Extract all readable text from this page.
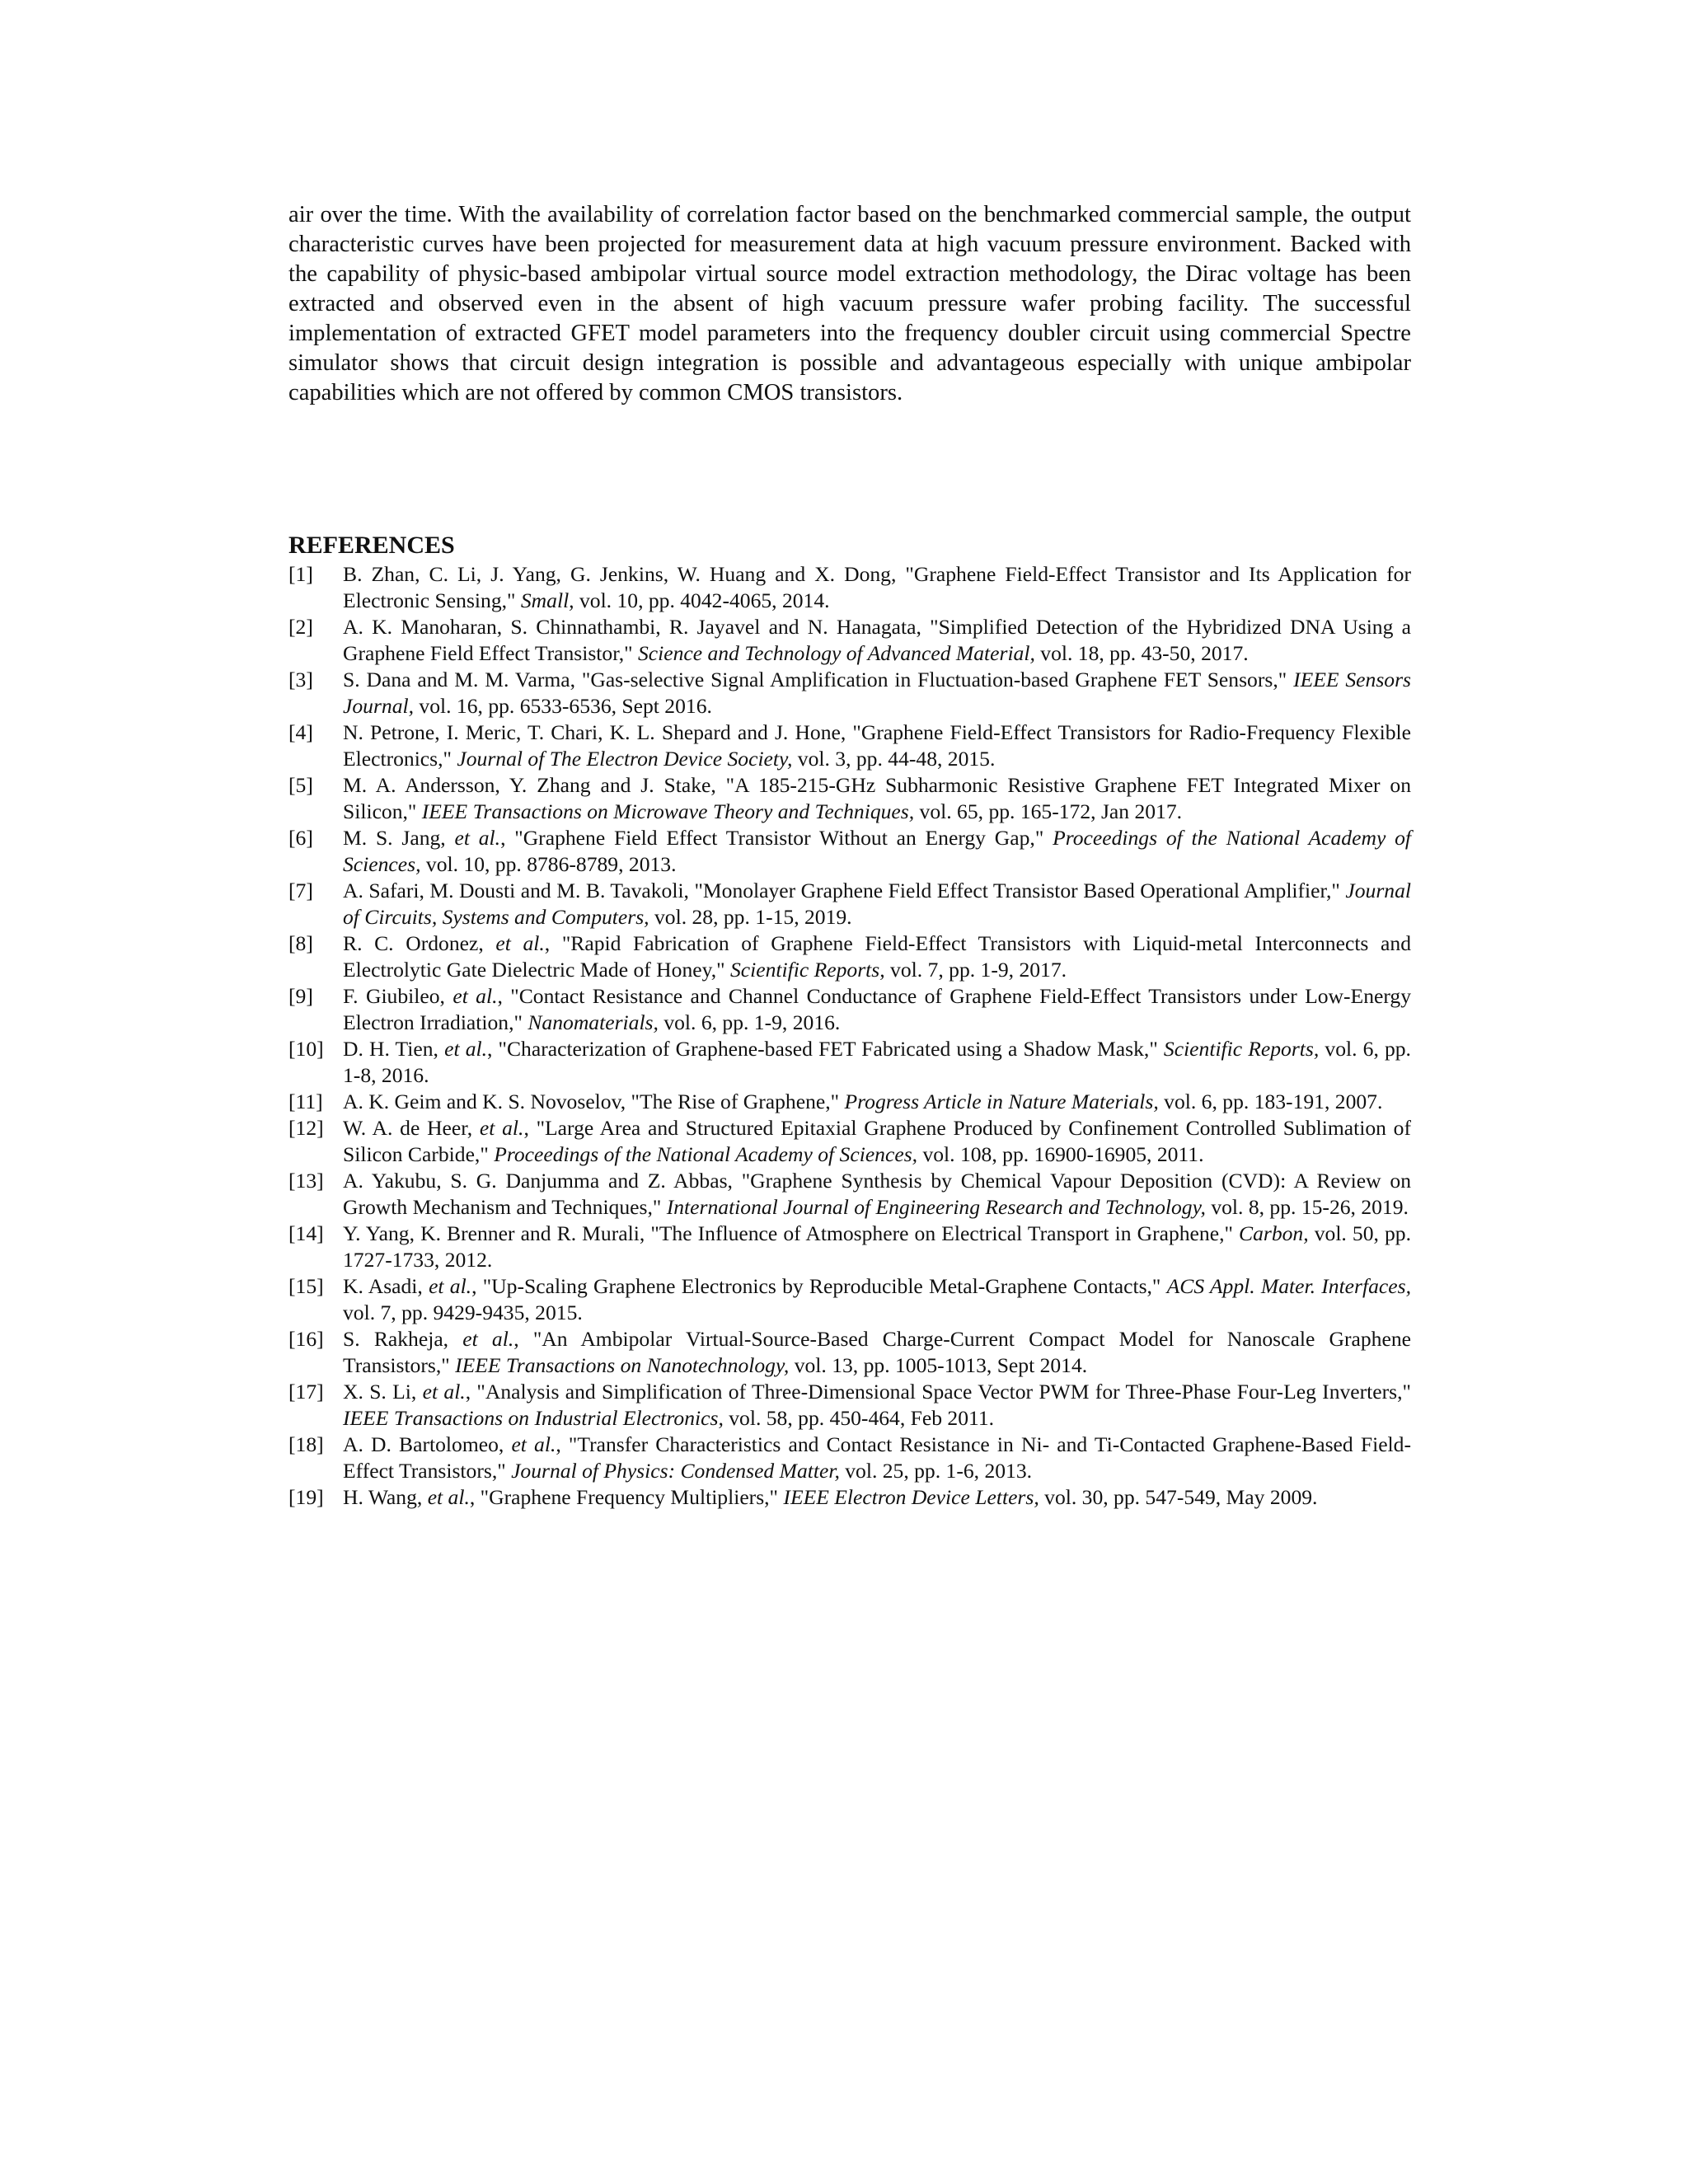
air over the time. With the availability of correlation factor based on the benchmarked commercial sample, the output characteristic curves have been projected for measurement data at high vacuum pressure environment. Backed with the capability of physic-based ambipolar virtual source model extraction methodology, the Dirac voltage has been extracted and observed even in the absent of high vacuum pressure wafer probing facility. The successful implementation of extracted GFET model parameters into the frequency doubler circuit using commercial Spectre simulator shows that circuit design integration is possible and advantageous especially with unique ambipolar capabilities which are not offered by common CMOS transistors.

REFERENCES
[1] B. Zhan, C. Li, J. Yang, G. Jenkins, W. Huang and X. Dong, "Graphene Field-Effect Transistor and Its Application for Electronic Sensing," Small, vol. 10, pp. 4042-4065, 2014.
[2] A. K. Manoharan, S. Chinnathambi, R. Jayavel and N. Hanagata, "Simplified Detection of the Hybridized DNA Using a Graphene Field Effect Transistor," Science and Technology of Advanced Material, vol. 18, pp. 43-50, 2017.
[3] S. Dana and M. M. Varma, "Gas-selective Signal Amplification in Fluctuation-based Graphene FET Sensors," IEEE Sensors Journal, vol. 16, pp. 6533-6536, Sept 2016.
[4] N. Petrone, I. Meric, T. Chari, K. L. Shepard and J. Hone, "Graphene Field-Effect Transistors for Radio-Frequency Flexible Electronics," Journal of The Electron Device Society, vol. 3, pp. 44-48, 2015.
[5] M. A. Andersson, Y. Zhang and J. Stake, "A 185-215-GHz Subharmonic Resistive Graphene FET Integrated Mixer on Silicon," IEEE Transactions on Microwave Theory and Techniques, vol. 65, pp. 165-172, Jan 2017.
[6] M. S. Jang, et al., "Graphene Field Effect Transistor Without an Energy Gap," Proceedings of the National Academy of Sciences, vol. 10, pp. 8786-8789, 2013.
[7] A. Safari, M. Dousti and M. B. Tavakoli, "Monolayer Graphene Field Effect Transistor Based Operational Amplifier," Journal of Circuits, Systems and Computers, vol. 28, pp. 1-15, 2019.
[8] R. C. Ordonez, et al., "Rapid Fabrication of Graphene Field-Effect Transistors with Liquid-metal Interconnects and Electrolytic Gate Dielectric Made of Honey," Scientific Reports, vol. 7, pp. 1-9, 2017.
[9] F. Giubileo, et al., "Contact Resistance and Channel Conductance of Graphene Field-Effect Transistors under Low-Energy Electron Irradiation," Nanomaterials, vol. 6, pp. 1-9, 2016.
[10] D. H. Tien, et al., "Characterization of Graphene-based FET Fabricated using a Shadow Mask," Scientific Reports, vol. 6, pp. 1-8, 2016.
[11] A. K. Geim and K. S. Novoselov, "The Rise of Graphene," Progress Article in Nature Materials, vol. 6, pp. 183-191, 2007.
[12] W. A. de Heer, et al., "Large Area and Structured Epitaxial Graphene Produced by Confinement Controlled Sublimation of Silicon Carbide," Proceedings of the National Academy of Sciences, vol. 108, pp. 16900-16905, 2011.
[13] A. Yakubu, S. G. Danjumma and Z. Abbas, "Graphene Synthesis by Chemical Vapour Deposition (CVD): A Review on Growth Mechanism and Techniques," International Journal of Engineering Research and Technology, vol. 8, pp. 15-26, 2019.
[14] Y. Yang, K. Brenner and R. Murali, "The Influence of Atmosphere on Electrical Transport in Graphene," Carbon, vol. 50, pp. 1727-1733, 2012.
[15] K. Asadi, et al., "Up-Scaling Graphene Electronics by Reproducible Metal-Graphene Contacts," ACS Appl. Mater. Interfaces, vol. 7, pp. 9429-9435, 2015.
[16] S. Rakheja, et al., "An Ambipolar Virtual-Source-Based Charge-Current Compact Model for Nanoscale Graphene Transistors," IEEE Transactions on Nanotechnology, vol. 13, pp. 1005-1013, Sept 2014.
[17] X. S. Li, et al., "Analysis and Simplification of Three-Dimensional Space Vector PWM for Three-Phase Four-Leg Inverters," IEEE Transactions on Industrial Electronics, vol. 58, pp. 450-464, Feb 2011.
[18] A. D. Bartolomeo, et al., "Transfer Characteristics and Contact Resistance in Ni- and Ti-Contacted Graphene-Based Field-Effect Transistors," Journal of Physics: Condensed Matter, vol. 25, pp. 1-6, 2013.
[19] H. Wang, et al., "Graphene Frequency Multipliers," IEEE Electron Device Letters, vol. 30, pp. 547-549, May 2009.
